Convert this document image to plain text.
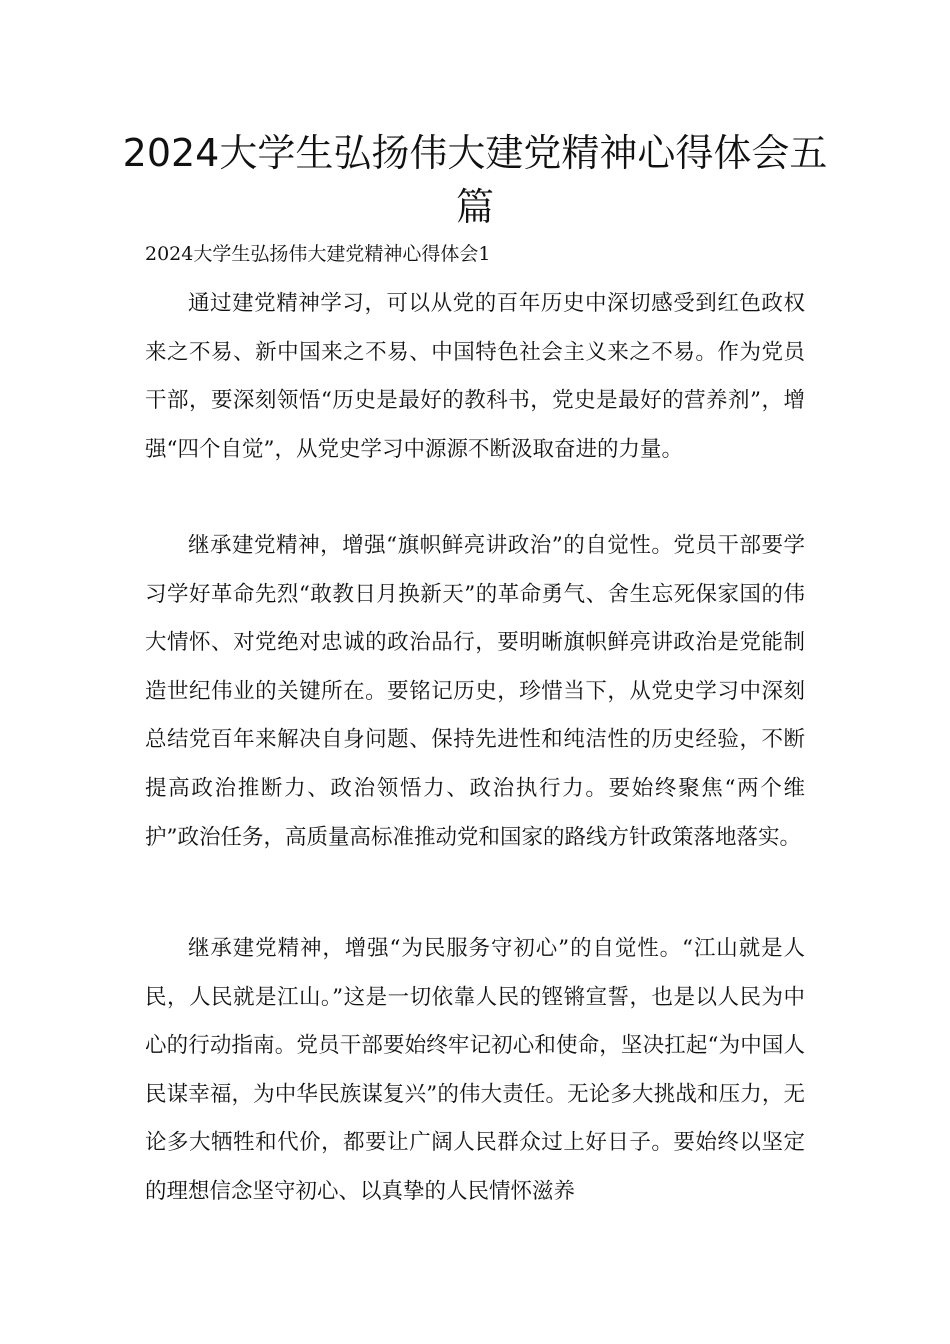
2024大学生弘扬伟大建党精神心得体会五篇

2024大学生弘扬伟大建党精神心得体会1

通过建党精神学习，可以从党的百年历史中深切感受到红色政权来之不易、新中国来之不易、中国特色社会主义来之不易。作为党员干部，要深刻领悟“历史是最好的教科书，党史是最好的营养剂”，增强“四个自觉”，从党史学习中源源不断汲取奋进的力量。

继承建党精神，增强“旗帜鲜亮讲政治”的自觉性。党员干部要学习学好革命先烈“敢教日月换新天”的革命勇气、舍生忘死保家国的伟大情怀、对党绝对忠诚的政治品行，要明晰旗帜鲜亮讲政治是党能制造世纪伟业的关键所在。要铭记历史，珍惜当下，从党史学习中深刻总结党百年来解决自身问题、保持先进性和纯洁性的历史经验，不断提高政治推断力、政治领悟力、政治执行力。要始终聚焦“两个维护”政治任务，高质量高标准推动党和国家的路线方针政策落地落实。

继承建党精神，增强“为民服务守初心”的自觉性。“江山就是人民，人民就是江山。”这是一切依靠人民的铿锵宣誓，也是以人民为中心的行动指南。党员干部要始终牢记初心和使命，坚决扛起“为中国人民谋幸福，为中华民族谋复兴”的伟大责任。无论多大挑战和压力，无论多大牺牲和代价，都要让广阔人民群众过上好日子。要始终以坚定的理想信念坚守初心、以真挚的人民情怀滋养
